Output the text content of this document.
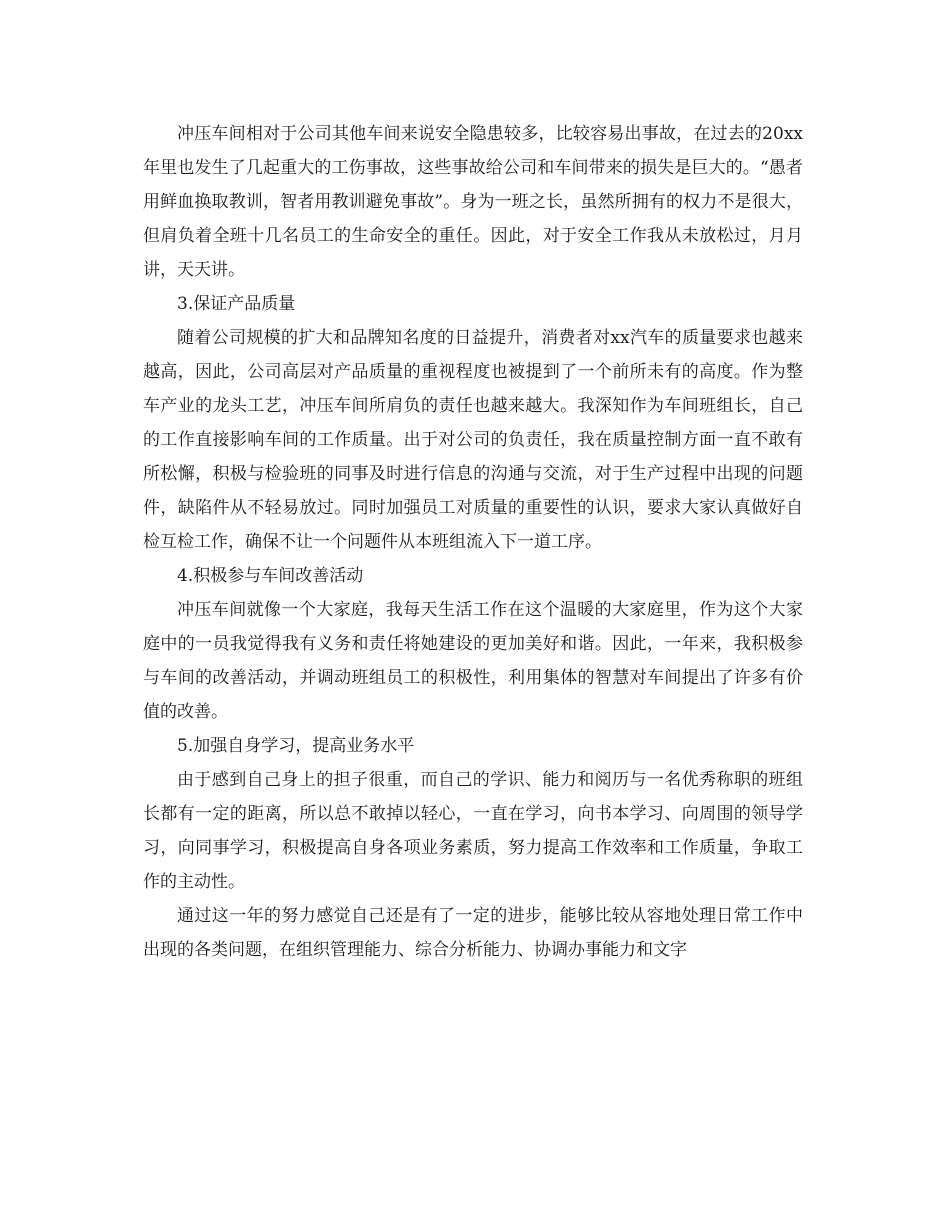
冲压车间相对于公司其他车间来说安全隐患较多，比较容易出事故，在过去的20xx年里也发生了几起重大的工伤事故，这些事故给公司和车间带来的损失是巨大的。“愚者用鲜血换取教训，智者用教训避免事故”。身为一班之长，虽然所拥有的权力不是很大，但肩负着全班十几名员工的生命安全的重任。因此，对于安全工作我从未放松过，月月讲，天天讲。

3.保证产品质量

随着公司规模的扩大和品牌知名度的日益提升，消费者对xx汽车的质量要求也越来越高，因此，公司高层对产品质量的重视程度也被提到了一个前所未有的高度。作为整车产业的龙头工艺，冲压车间所肩负的责任也越来越大。我深知作为车间班组长，自己的工作直接影响车间的工作质量。出于对公司的负责任，我在质量控制方面一直不敢有所松懈，积极与检验班的同事及时进行信息的沟通与交流，对于生产过程中出现的问题件，缺陷件从不轻易放过。同时加强员工对质量的重要性的认识，要求大家认真做好自检互检工作，确保不让一个问题件从本班组流入下一道工序。

4.积极参与车间改善活动

冲压车间就像一个大家庭，我每天生活工作在这个温暖的大家庭里，作为这个大家庭中的一员我觉得我有义务和责任将她建设的更加美好和谐。因此，一年来，我积极参与车间的改善活动，并调动班组员工的积极性，利用集体的智慧对车间提出了许多有价值的改善。

5.加强自身学习，提高业务水平

由于感到自己身上的担子很重，而自己的学识、能力和阅历与一名优秀称职的班组长都有一定的距离，所以总不敢掉以轻心，一直在学习，向书本学习、向周围的领导学习，向同事学习，积极提高自身各项业务素质，努力提高工作效率和工作质量，争取工作的主动性。

通过这一年的努力感觉自己还是有了一定的进步，能够比较从容地处理日常工作中出现的各类问题，在组织管理能力、综合分析能力、协调办事能力和文字
